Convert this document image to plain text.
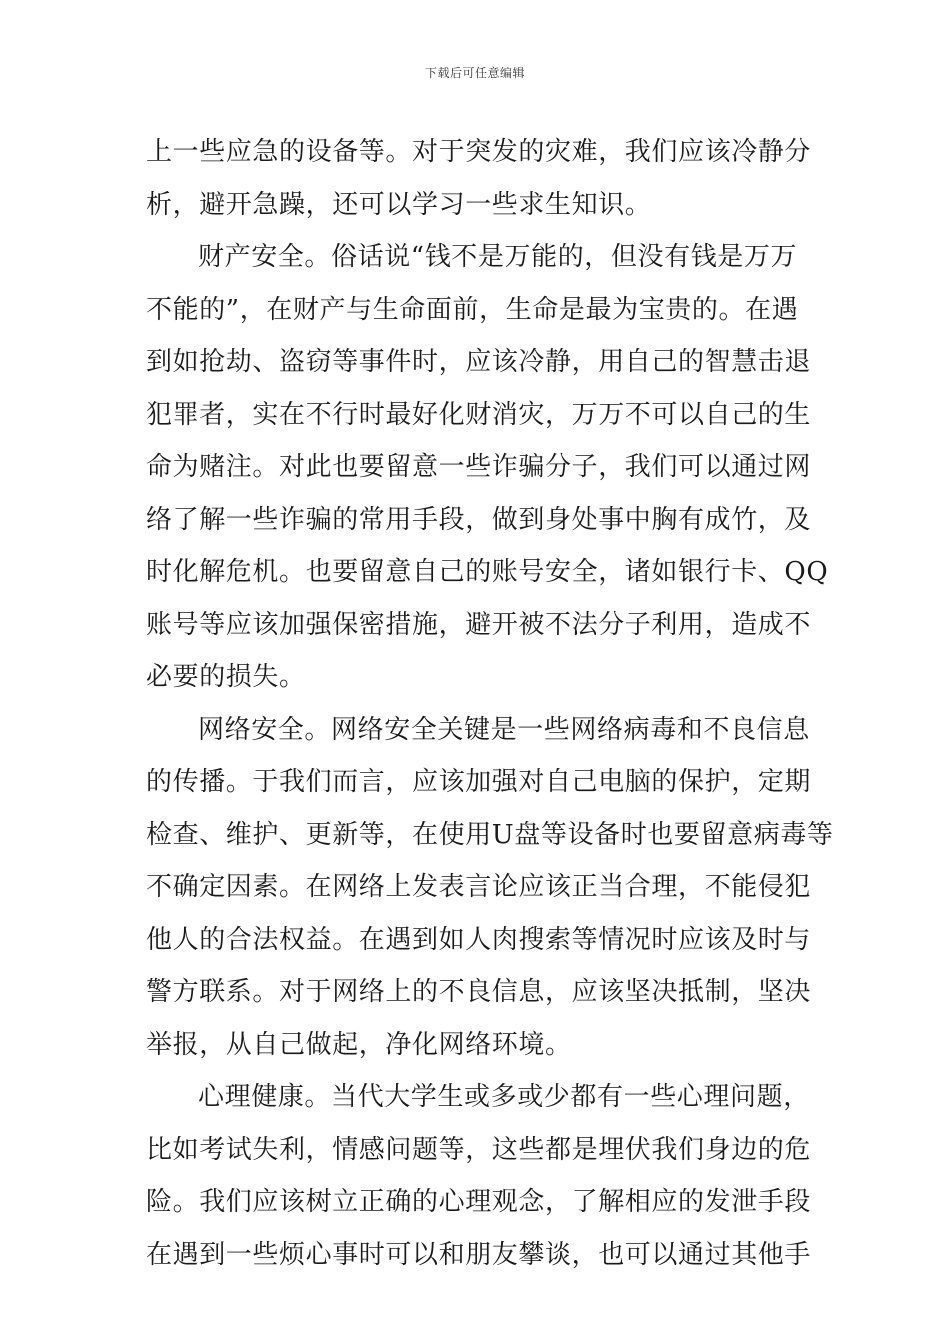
下载后可任意编辑
上一些应急的设备等。对于突发的灾难，我们应该冷静分
析，避开急躁，还可以学习一些求生知识。
财产安全。俗话说“钱不是万能的，但没有钱是万万
不能的”，在财产与生命面前，生命是最为宝贵的。在遇
到如抢劫、盗窃等事件时，应该冷静，用自己的智慧击退
犯罪者，实在不行时最好化财消灾，万万不可以自己的生
命为赌注。对此也要留意一些诈骗分子，我们可以通过网
络了解一些诈骗的常用手段，做到身处事中胸有成竹，及
时化解危机。也要留意自己的账号安全，诸如银行卡、QQ
账号等应该加强保密措施，避开被不法分子利用，造成不
必要的损失。
网络安全。网络安全关键是一些网络病毒和不良信息
的传播。于我们而言，应该加强对自己电脑的保护，定期
检查、维护、更新等，在使用U盘等设备时也要留意病毒等
不确定因素。在网络上发表言论应该正当合理，不能侵犯
他人的合法权益。在遇到如人肉搜索等情况时应该及时与
警方联系。对于网络上的不良信息，应该坚决抵制，坚决
举报，从自己做起，净化网络环境。
心理健康。当代大学生或多或少都有一些心理问题，
比如考试失利，情感问题等，这些都是埋伏我们身边的危
险。我们应该树立正确的心理观念，了解相应的发泄手段
在遇到一些烦心事时可以和朋友攀谈，也可以通过其他手
